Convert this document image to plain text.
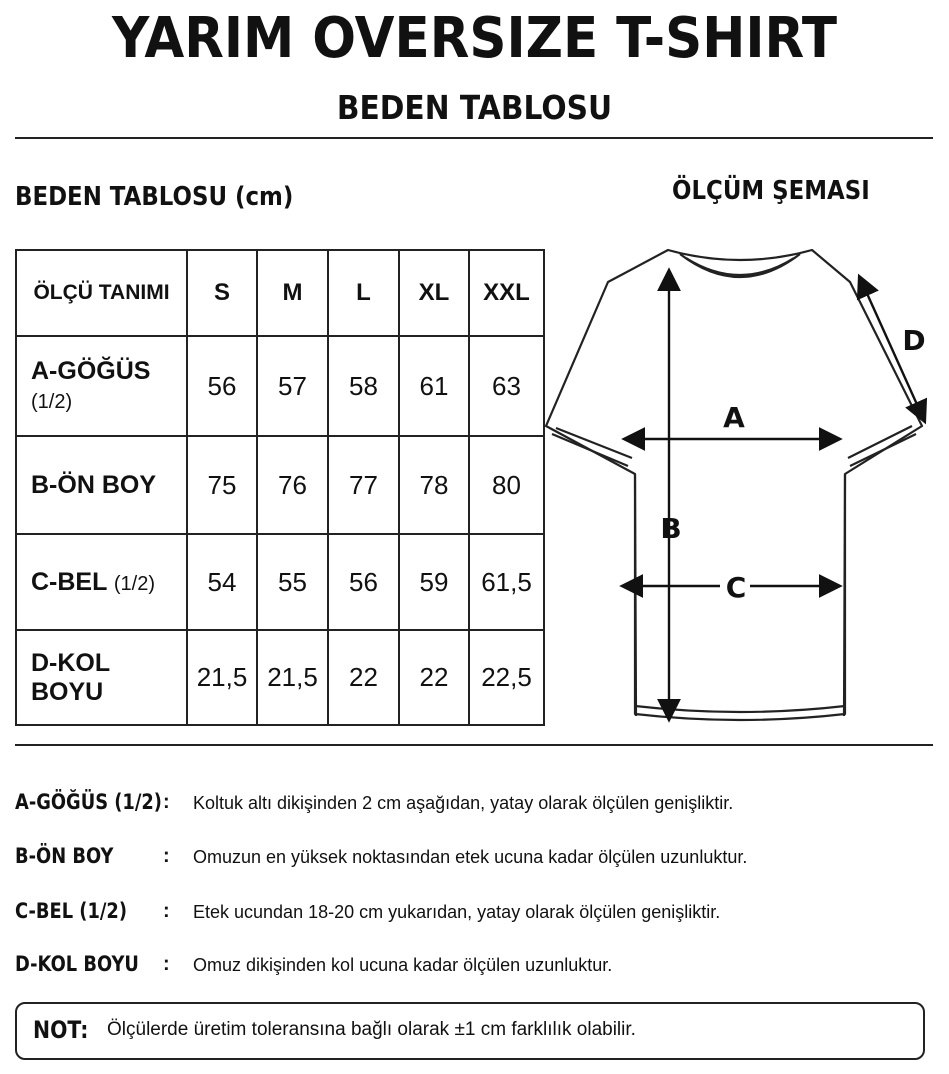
YARIM OVERSIZE T-SHIRT
BEDEN TABLOSU
BEDEN TABLOSU (cm)	ÖLÇÜM ŞEMASI
ÖLÇÜ TANIMI	S	M	L	XL	XXL
A-GÖĞÜS (1/2)	56	57	58	61	63
B-ÖN BOY	75	76	77	78	80
C-BEL (1/2)	54	55	56	59	61,5
D-KOL BOYU	21,5	21,5	22	22	22,5
A
B
C
D
A-GÖĞÜS (1/2) : Koltuk altı dikişinden 2 cm aşağıdan, yatay olarak ölçülen genişliktir.
B-ÖN BOY : Omuzun en yüksek noktasından etek ucuna kadar ölçülen uzunluktur.
C-BEL (1/2) : Etek ucundan 18-20 cm yukarıdan, yatay olarak ölçülen genişliktir.
D-KOL BOYU : Omuz dikişinden kol ucuna kadar ölçülen uzunluktur.
NOT: Ölçülerde üretim toleransına bağlı olarak ±1 cm farklılık olabilir.
